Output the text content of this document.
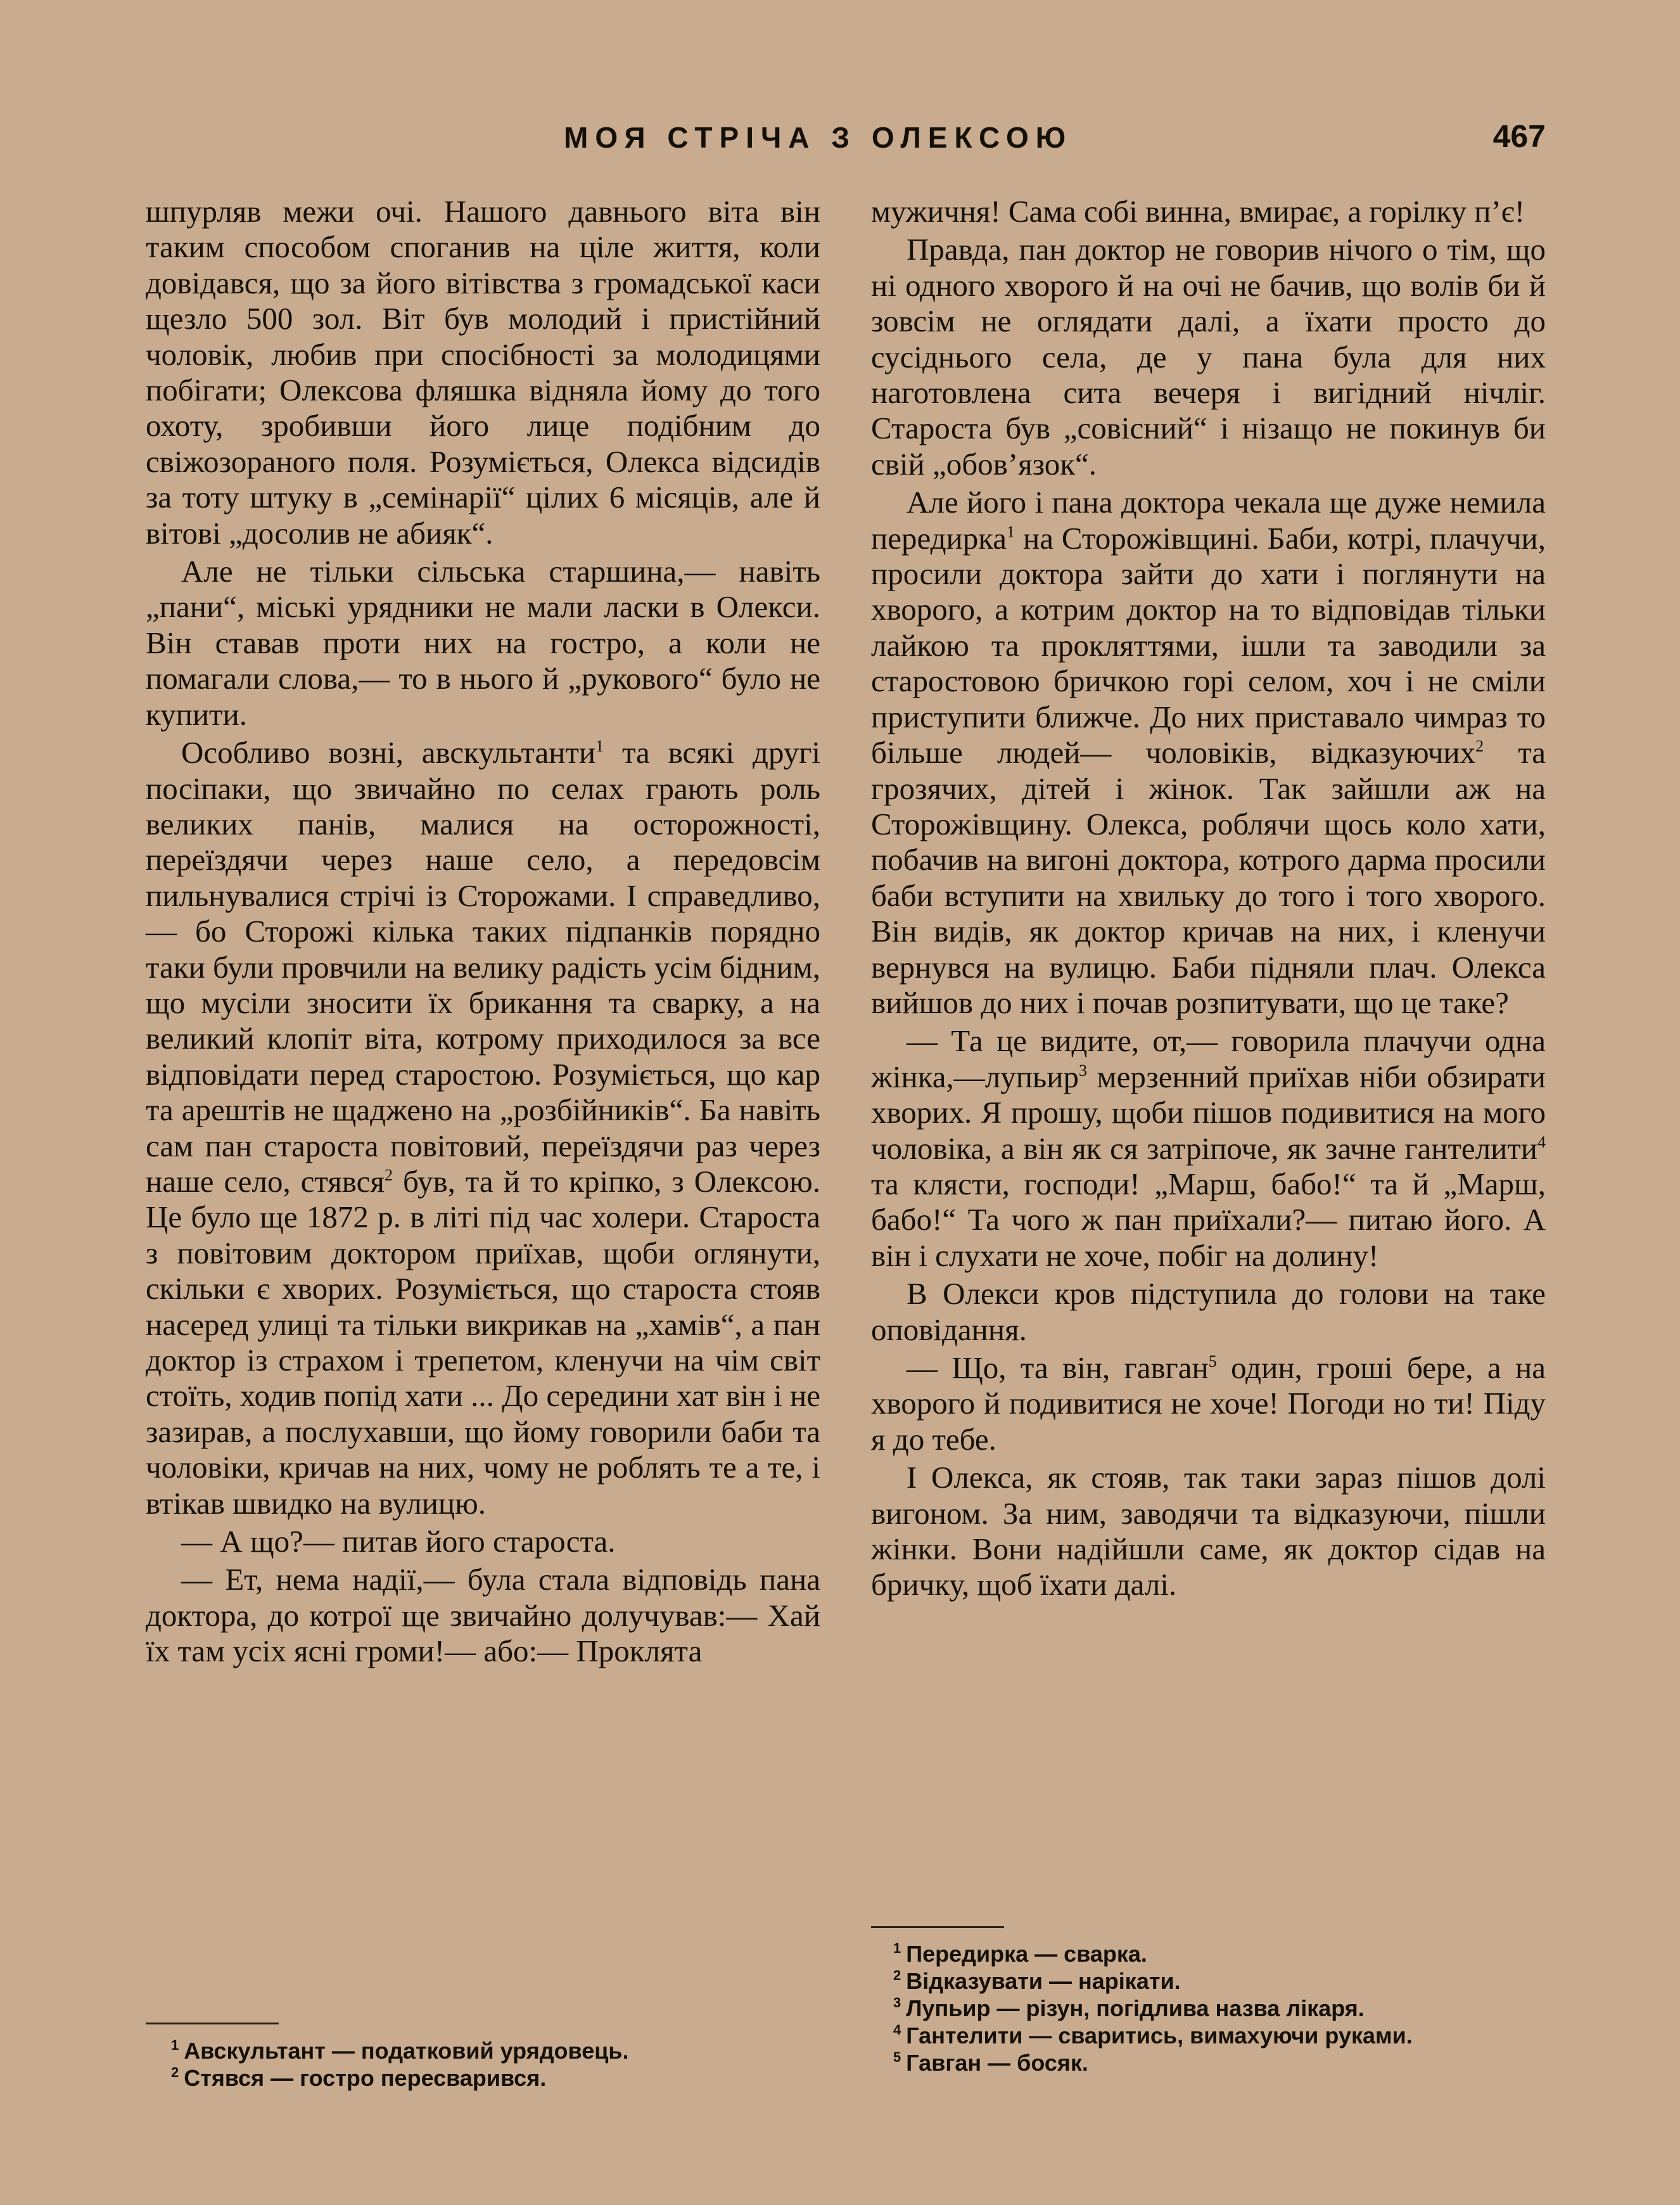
МОЯ СТРІЧА З ОЛЕКСОЮ	467

шпурляв межи очі. Нашого давнього віта він таким способом споганив на ціле життя, коли довідався, що за його вітівства з громадської каси щезло 500 зол. Віт був молодий і пристійний чоловік, любив при спосібності за молодицями побігати; Олексова фляшка відняла йому до того охоту, зробивши його лице подібним до свіжозораного поля. Розуміється, Олекса відсидів за тоту штуку в „семінарії“ цілих 6 місяців, але й вітові „досолив не абияк“.

Але не тільки сільська старшина,— навіть „пани“, міські урядники не мали ласки в Олекси. Він ставав проти них на гостро, а коли не помагали слова,— то в нього й „рукового“ було не купити.

Особливо возні, авскультанти$^1$ та всякі другі посіпаки, що звичайно по селах грають роль великих панів, малися на осторожності, переїздячи через наше село, а передовсім пильнувалися стрічі із Сторожами. І справедливо,— бо Сторожі кілька таких підпанків порядно таки були провчили на велику радість усім бідним, що мусіли зносити їх брикання та сварку, а на великий клопіт віта, котрому приходилося за все відповідати перед старостою. Розуміється, що кар та арештів не щаджено на „розбійників“. Ба навіть сам пан староста повітовий, переїздячи раз через наше село, стявся$^2$ був, та й то кріпко, з Олексою. Це було ще 1872 р. в літі під час холери. Староста з повітовим доктором приїхав, щоби оглянути, скільки є хворих. Розуміється, що староста стояв насеред улиці та тільки викрикав на „хамів“, а пан доктор із страхом і трепетом, кленучи на чім світ стоїть, ходив попід хати ... До середини хат він і не зазирав, а послухавши, що йому говорили баби та чоловіки, кричав на них, чому не роблять те а те, і втікав швидко на вулицю.

— А що?— питав його староста.

— Ет, нема надії,— була стала відповідь пана доктора, до котрої ще звичайно долучував:— Хай їх там усіх ясні громи!— або:— Проклята

мужичня! Сама собі винна, вмирає, а горілку п’є!

Правда, пан доктор не говорив нічого о тім, що ні одного хворого й на очі не бачив, що волів би й зовсім не оглядати далі, а їхати просто до сусіднього села, де у пана була для них наготовлена сита вечеря і вигідний нічліг. Староста був „совісний“ і нізащо не покинув би свій „обов’язок“.

Але його і пана доктора чекала ще дуже немила передирка$^1$ на Сторожівщині. Баби, котрі, плачучи, просили доктора зайти до хати і поглянути на хворого, а котрим доктор на то відповідав тільки лайкою та прокляттями, ішли та заводили за старостовою бричкою горі селом, хоч і не сміли приступити ближче. До них приставало чимраз то більше людей— чоловіків, відказуючих$^2$ та грозячих, дітей і жінок. Так зайшли аж на Сторожівщину. Олекса, роблячи щось коло хати, побачив на вигоні доктора, котрого дарма просили баби вступити на хвильку до того і того хворого. Він видів, як доктор кричав на них, і кленучи вернувся на вулицю. Баби підняли плач. Олекса вийшов до них і почав розпитувати, що це таке?

— Та це видите, от,— говорила плачучи одна жінка,—лупьир$^3$ мерзенний приїхав ніби обзирати хворих. Я прошу, щоби пішов подивитися на мого чоловіка, а він як ся затріпоче, як зачне гантелити$^4$ та клясти, господи! „Марш, бабо!“ та й „Марш, бабо!“ Та чого ж пан приїхали?— питаю його. А він і слухати не хоче, побіг на долину!

В Олекси кров підступила до голови на таке оповідання.

— Що, та він, гавган$^5$ один, гроші бере, а на хворого й подивитися не хоче! Погоди но ти! Піду я до тебе.

І Олекса, як стояв, так таки зараз пішов долі вигоном. За ним, заводячи та відказуючи, пішли жінки. Вони надійшли саме, як доктор сідав на бричку, щоб їхати далі.

$^1$ Авскультант — податковий урядовець.
$^2$ Стявся — гостро пересварився.
$^1$ Передирка — сварка.
$^2$ Відказувати — нарікати.
$^3$ Лупьир — різун, погідлива назва лікаря.
$^4$ Гантелити — сваритись, вимахуючи руками.
$^5$ Гавган — босяк.
